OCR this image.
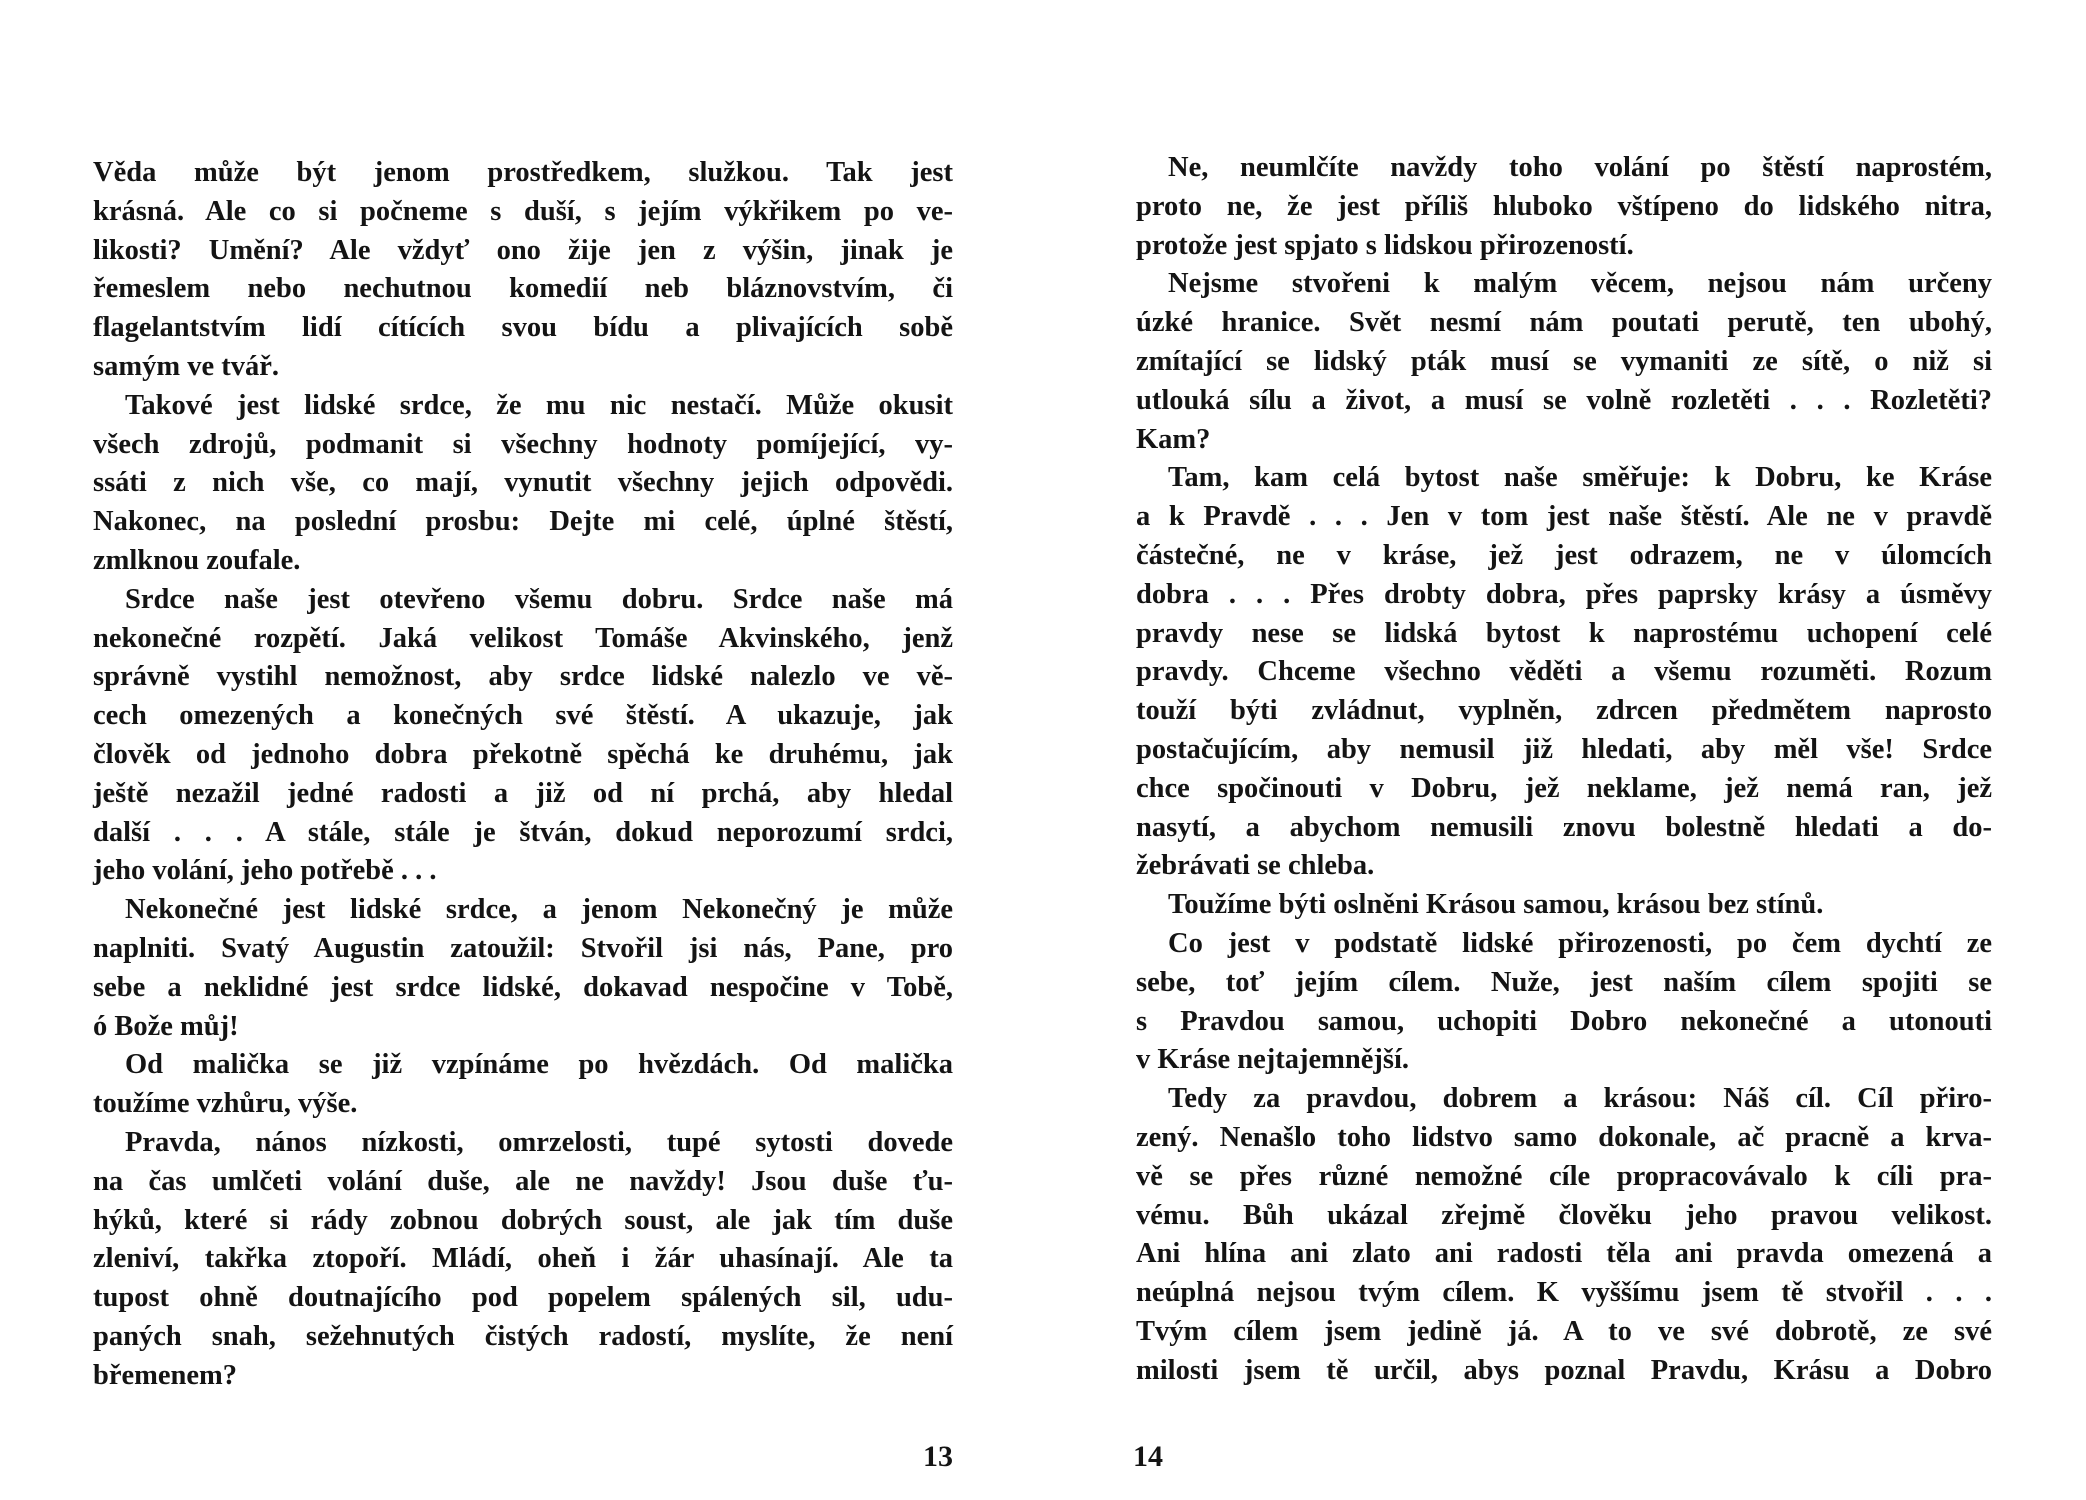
Věda může být jenom prostředkem, služkou. Tak jest
krásná. Ale co si počneme s duší, s jejím výkřikem po ve-
likosti? Umění? Ale vždyť ono žije jen z výšin, jinak je
řemeslem nebo nechutnou komedií neb bláznovstvím, či
flagelantstvím lidí cítících svou bídu a plivajících sobě
samým ve tvář.
Takové jest lidské srdce, že mu nic nestačí. Může okusit
všech zdrojů, podmanit si všechny hodnoty pomíjející, vy-
ssáti z nich vše, co mají, vynutit všechny jejich odpovědi.
Nakonec, na poslední prosbu: Dejte mi celé, úplné štěstí,
zmlknou zoufale.
Srdce naše jest otevřeno všemu dobru. Srdce naše má
nekonečné rozpětí. Jaká velikost Tomáše Akvinského, jenž
správně vystihl nemožnost, aby srdce lidské nalezlo ve vě-
cech omezených a konečných své štěstí. A ukazuje, jak
člověk od jednoho dobra překotně spěchá ke druhému, jak
ještě nezažil jedné radosti a již od ní prchá, aby hledal
další . . . A stále, stále je štván, dokud neporozumí srdci,
jeho volání, jeho potřebě . . .
Nekonečné jest lidské srdce, a jenom Nekonečný je může
naplniti. Svatý Augustin zatoužil: Stvořil jsi nás, Pane, pro
sebe a neklidné jest srdce lidské, dokavad nespočine v Tobě,
ó Bože můj!
Od malička se již vzpínáme po hvězdách. Od malička
toužíme vzhůru, výše.
Pravda, nános nízkosti, omrzelosti, tupé sytosti dovede
na čas umlčeti volání duše, ale ne navždy! Jsou duše ťu-
hýků, které si rády zobnou dobrých soust, ale jak tím duše
zleniví, takřka ztopoří. Mládí, oheň i žár uhasínají. Ale ta
tupost ohně doutnajícího pod popelem spálených sil, udu-
paných snah, sežehnutých čistých radostí, myslíte, že není
břemenem?
Ne, neumlčíte navždy toho volání po štěstí naprostém,
proto ne, že jest příliš hluboko vštípeno do lidského nitra,
protože jest spjato s lidskou přirozeností.
Nejsme stvořeni k malým věcem, nejsou nám určeny
úzké hranice. Svět nesmí nám poutati perutě, ten ubohý,
zmítající se lidský pták musí se vymaniti ze sítě, o niž si
utlouká sílu a život, a musí se volně rozletěti . . . Rozletěti?
Kam?
Tam, kam celá bytost naše směřuje: k Dobru, ke Kráse
a k Pravdě . . . Jen v tom jest naše štěstí. Ale ne v pravdě
částečné, ne v kráse, jež jest odrazem, ne v úlomcích
dobra . . . Přes drobty dobra, přes paprsky krásy a úsměvy
pravdy nese se lidská bytost k naprostému uchopení celé
pravdy. Chceme všechno věděti a všemu rozuměti. Rozum
touží býti zvládnut, vyplněn, zdrcen předmětem naprosto
postačujícím, aby nemusil již hledati, aby měl vše! Srdce
chce spočinouti v Dobru, jež neklame, jež nemá ran, jež
nasytí, a abychom nemusili znovu bolestně hledati a do-
žebrávati se chleba.
Toužíme býti oslněni Krásou samou, krásou bez stínů.
Co jest v podstatě lidské přirozenosti, po čem dychtí ze
sebe, toť jejím cílem. Nuže, jest naším cílem spojiti se
s Pravdou samou, uchopiti Dobro nekonečné a utonouti
v Kráse nejtajemnější.
Tedy za pravdou, dobrem a krásou: Náš cíl. Cíl přiro-
zený. Nenašlo toho lidstvo samo dokonale, ač pracně a krva-
vě se přes různé nemožné cíle propracovávalo k cíli pra-
vému. Bůh ukázal zřejmě člověku jeho pravou velikost.
Ani hlína ani zlato ani radosti těla ani pravda omezená a
neúplná nejsou tvým cílem. K vyššímu jsem tě stvořil . . .
Tvým cílem jsem jedině já. A to ve své dobrotě, ze své
milosti jsem tě určil, abys poznal Pravdu, Krásu a Dobro
13	14
